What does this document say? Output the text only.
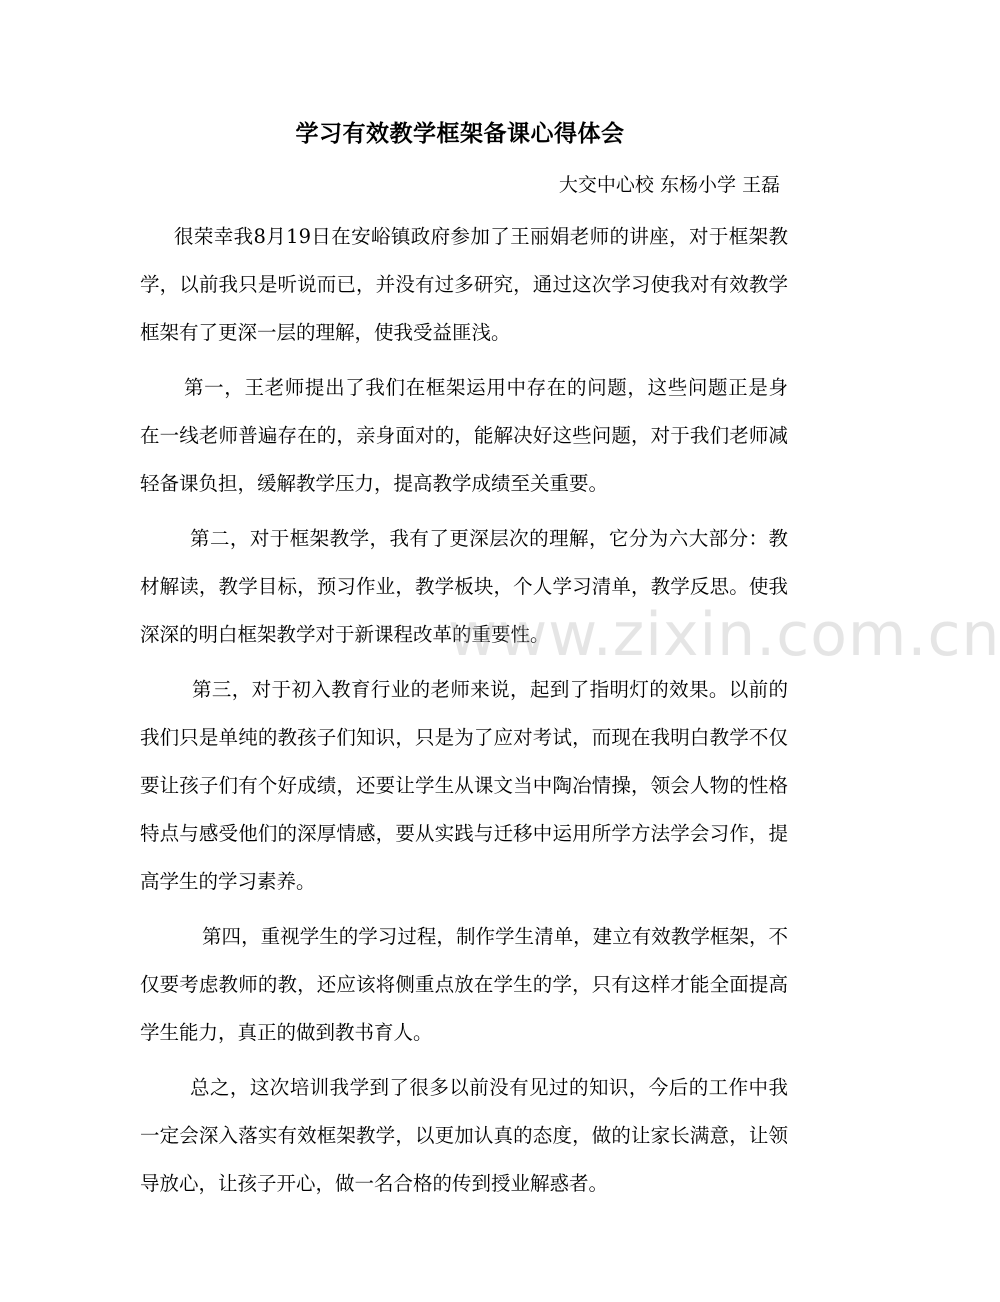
学习有效教学框架备课心得体会
大交中心校 东杨小学 王磊

很荣幸我8月19日在安峪镇政府参加了王丽娟老师的讲座，对于框架教学，以前我只是听说而已，并没有过多研究，通过这次学习使我对有效教学框架有了更深一层的理解，使我受益匪浅。

第一，王老师提出了我们在框架运用中存在的问题，这些问题正是身在一线老师普遍存在的，亲身面对的，能解决好这些问题，对于我们老师减轻备课负担，缓解教学压力，提高教学成绩至关重要。

第二，对于框架教学，我有了更深层次的理解，它分为六大部分：教材解读，教学目标，预习作业，教学板块，个人学习清单，教学反思。使我深深的明白框架教学对于新课程改革的重要性。

第三，对于初入教育行业的老师来说，起到了指明灯的效果。以前的我们只是单纯的教孩子们知识，只是为了应对考试，而现在我明白教学不仅要让孩子们有个好成绩，还要让学生从课文当中陶冶情操，领会人物的性格特点与感受他们的深厚情感，要从实践与迁移中运用所学方法学会习作，提高学生的学习素养。

第四，重视学生的学习过程，制作学生清单，建立有效教学框架，不仅要考虑教师的教，还应该将侧重点放在学生的学，只有这样才能全面提高学生能力，真正的做到教书育人。

总之，这次培训我学到了很多以前没有见过的知识，今后的工作中我一定会深入落实有效框架教学，以更加认真的态度，做的让家长满意，让领导放心，让孩子开心，做一名合格的传到授业解惑者。

www.zixin.com.cn
